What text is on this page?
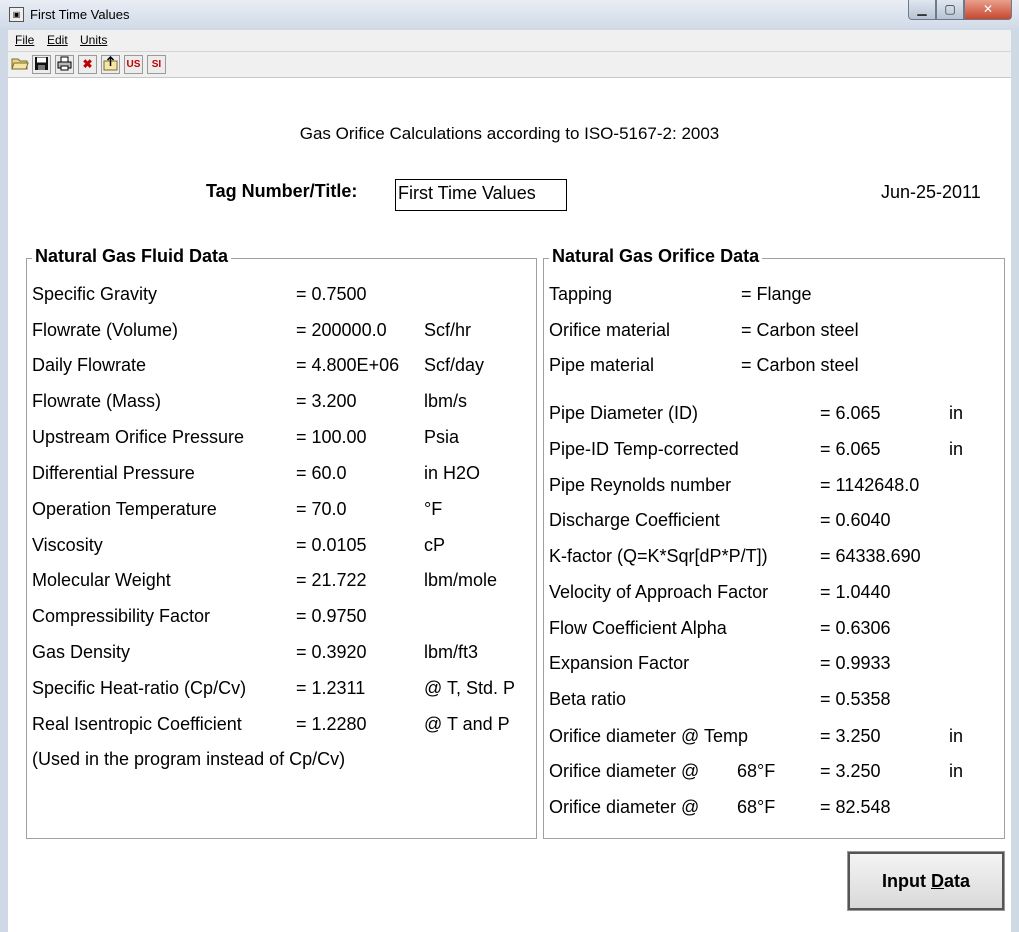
▣ First Time Values	▁	▢	✕
File Edit Units
✖	US	SI
Gas Orifice Calculations according to ISO-5167-2: 2003
Tag Number/Title: First Time Values	Jun-25-2011
Natural Gas Fluid Data
Specific Gravity	= 0.7500
Flowrate (Volume)	= 200000.0 Scf/hr
Daily Flowrate	= 4.800E+06 Scf/day
Flowrate (Mass)	= 3.200	lbm/s
Upstream Orifice Pressure	= 100.00	Psia
Differential Pressure	= 60.0	in H2O
Operation Temperature	= 70.0	°F
Viscosity	= 0.0105	cP
Molecular Weight	= 21.722	lbm/mole
Compressibility Factor	= 0.9750
Gas Density	= 0.3920	lbm/ft3
Specific Heat-ratio (Cp/Cv)	= 1.2311	@ T, Std. P
Real Isentropic Coefficient	= 1.2280	@ T and P
(Used in the program instead of Cp/Cv)
Natural Gas Orifice Data
Tapping	= Flange
Orifice material	= Carbon steel
Pipe material	= Carbon steel
Pipe Diameter (ID)	= 6.065	in
Pipe-ID Temp-corrected	= 6.065	in
Pipe Reynolds number	= 1142648.0
Discharge Coefficient	= 0.6040
K-factor (Q=K*Sqr[dP*P/T])	= 64338.690
Velocity of Approach Factor	= 1.0440
Flow Coefficient Alpha	= 0.6306
Expansion Factor	= 0.9933
Beta ratio	= 0.5358
Orifice diameter @ Temp	= 3.250	in
Orifice diameter @ 68°F = 3.250	in
Orifice diameter @ 68°F = 82.548
Input Data
